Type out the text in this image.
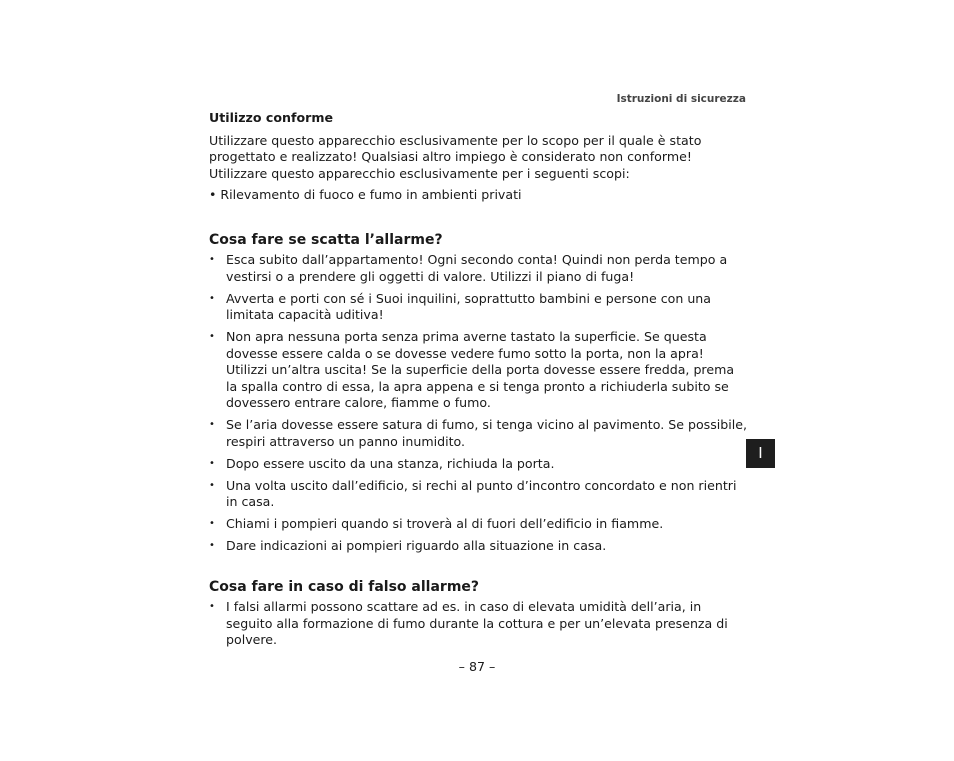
Istruzioni di sicurezza

Utilizzo conforme

Utilizzare questo apparecchio esclusivamente per lo scopo per il quale è stato progettato e realizzato! Qualsiasi altro impiego è considerato non conforme! Utilizzare questo apparecchio esclusivamente per i seguenti scopi:

• Rilevamento di fuoco e fumo in ambienti privati

Cosa fare se scatta l’allarme?

• Esca subito dall’appartamento! Ogni secondo conta! Quindi non perda tempo a vestirsi o a prendere gli oggetti di valore. Utilizzi il piano di fuga!
• Avverta e porti con sé i Suoi inquilini, soprattutto bambini e persone con una limitata capacità uditiva!
• Non apra nessuna porta senza prima averne tastato la superficie. Se questa dovesse essere calda o se dovesse vedere fumo sotto la porta, non la apra! Utilizzi un’altra uscita! Se la superficie della porta dovesse essere fredda, prema la spalla contro di essa, la apra appena e si tenga pronto a richiuderla subito se dovessero entrare calore, fiamme o fumo.
• Se l’aria dovesse essere satura di fumo, si tenga vicino al pavimento. Se possibile, respiri attraverso un panno inumidito.
• Dopo essere uscito da una stanza, richiuda la porta.
• Una volta uscito dall’edificio, si rechi al punto d’incontro concordato e non rientri in casa.
• Chiami i pompieri quando si troverà al di fuori dell’edificio in fiamme.
• Dare indicazioni ai pompieri riguardo alla situazione in casa.

Cosa fare in caso di falso allarme?

• I falsi allarmi possono scattare ad es. in caso di elevata umidità dell’aria, in seguito alla formazione di fumo durante la cottura e per un’elevata presenza di polvere.
I
– 87 –
